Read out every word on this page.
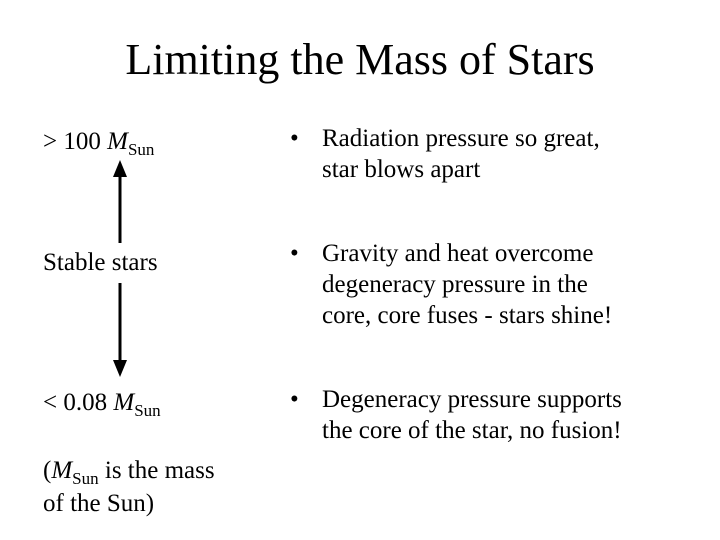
Limiting the Mass of Stars
> 100 $M_{Sun}$
Stable stars
< 0.08 $M_{Sun}$
($M_{Sun}$ is the mass
of the Sun)
• Radiation pressure so great,
star blows apart
• Gravity and heat overcome
degeneracy pressure in the
core, core fuses - stars shine!
• Degeneracy pressure supports
the core of the star, no fusion!
